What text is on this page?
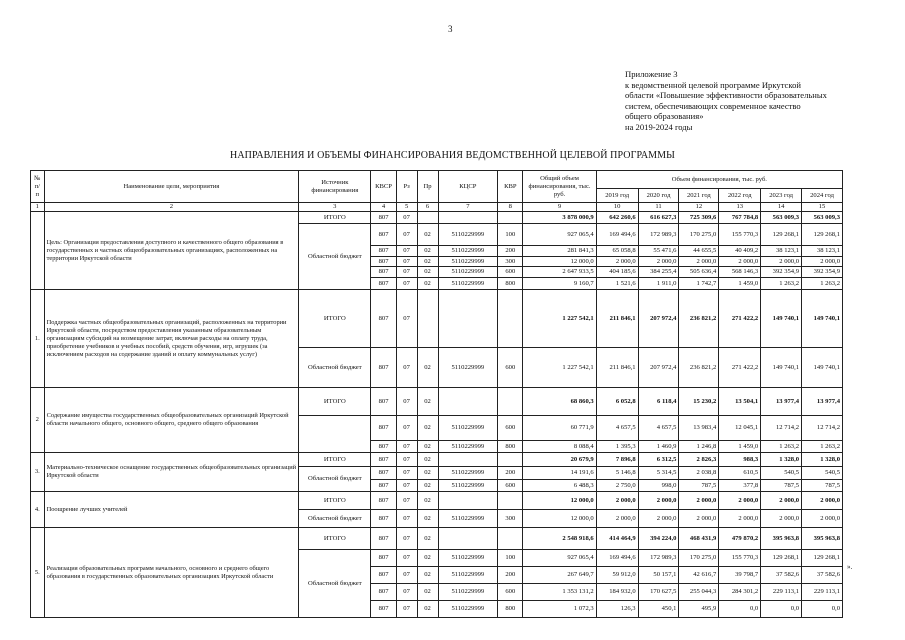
3
Приложение 3
к ведомственной целевой программе Иркутской
области «Повышение эффективности образовательных
систем, обеспечивающих современное качество
общего образования»
на 2019-2024 годы
НАПРАВЛЕНИЯ И ОБЪЕМЫ ФИНАНСИРОВАНИЯ ВЕДОМСТВЕННОЙ ЦЕЛЕВОЙ ПРОГРАММЫ
№ п/п	Наименование цели, мероприятия	Источник финансирования	КВСР	Рз	Пр	КЦСР	КВР	Общий объем финансирования, тыс. руб.	Объем финансирования, тыс. руб.					
									2019 год	2020 год	2021 год	2022 год	2023 год	2024 год
1	2	3	4	5	6	7	8	9	10	11	12	13	14	15
	Цель: Организация предоставления доступного и качественного общего образования в государственных и частных общеобразовательных организациях, расположенных на территории Иркутской области	ИТОГО	807	07				3 878 000,9	642 260,6	616 627,3	725 309,6	767 784,8	563 009,3	563 009,3
		Областной бюджет	807	07	02	5110229999	100	927 065,4	169 494,6	172 989,3	170 275,0	155 770,3	129 268,1	129 268,1
			807	07	02	5110229999	200	281 841,3	65 058,8	55 471,6	44 655,5	40 409,2	38 123,1	38 123,1
			807	07	02	5110229999	300	12 000,0	2 000,0	2 000,0	2 000,0	2 000,0	2 000,0	2 000,0
			807	07	02	5110229999	600	2 647 933,5	404 185,6	384 255,4	505 636,4	568 146,3	392 354,9	392 354,9
			807	07	02	5110229999	800	9 160,7	1 521,6	1 911,0	1 742,7	1 459,0	1 263,2	1 263,2
1.	Поддержка частных общеобразовательных организаций, расположенных на территории Иркутской области, посредством предоставления указанным образовательным организациям субсидий на возмещение затрат, включая расходы на оплату труда, приобретение учебников и учебных пособий, средств обучения, игр, игрушек (за исключением расходов на содержание зданий и оплату коммунальных услуг)	ИТОГО	807	07				1 227 542,1	211 846,1	207 972,4	236 821,2	271 422,2	149 740,1	149 740,1
		Областной бюджет	807	07	02	5110229999	600	1 227 542,1	211 846,1	207 972,4	236 821,2	271 422,2	149 740,1	149 740,1
2	Содержание имущества государственных общеобразовательных организаций Иркутской области начального общего, основного общего, среднего общего образования	ИТОГО	807	07	02			68 860,3	6 052,8	6 118,4	15 230,2	13 504,1	13 977,4	13 977,4
			807	07	02	5110229999	600	60 771,9	4 657,5	4 657,5	13 983,4	12 045,1	12 714,2	12 714,2
			807	07	02	5110229999	800	8 088,4	1 395,3	1 460,9	1 246,8	1 459,0	1 263,2	1 263,2
3.	Материально-техническое оснащение государственных общеобразовательных организаций Иркутской области	ИТОГО	807	07	02			20 679,9	7 896,8	6 312,5	2 826,3	988,3	1 328,0	1 328,0
		Областной бюджет	807	07	02	5110229999	200	14 191,6	5 146,8	5 314,5	2 038,8	610,5	540,5	540,5
			807	07	02	5110229999	600	6 488,3	2 750,0	998,0	787,5	377,8	787,5	787,5
4.	Поощрение лучших учителей	ИТОГО	807	07	02			12 000,0	2 000,0	2 000,0	2 000,0	2 000,0	2 000,0	2 000,0
		Областной бюджет	807	07	02	5110229999	300	12 000,0	2 000,0	2 000,0	2 000,0	2 000,0	2 000,0	2 000,0
5.	Реализация образовательных программ начального, основного и среднего общего образования в государственных образовательных организациях Иркутской области	ИТОГО	807	07	02			2 548 918,6	414 464,9	394 224,0	468 431,9	479 870,2	395 963,8	395 963,8
		Областной бюджет	807	07	02	5110229999	100	927 065,4	169 494,6	172 989,3	170 275,0	155 770,3	129 268,1	129 268,1
			807	07	02	5110229999	200	267 649,7	59 912,0	50 157,1	42 616,7	39 798,7	37 582,6	37 582,6
			807	07	02	5110229999	600	1 353 131,2	184 932,0	170 627,5	255 044,3	284 301,2	229 113,1	229 113,1
			807	07	02	5110229999	800	1 072,3	126,3	450,1	495,9	0,0	0,0	0,0
».
